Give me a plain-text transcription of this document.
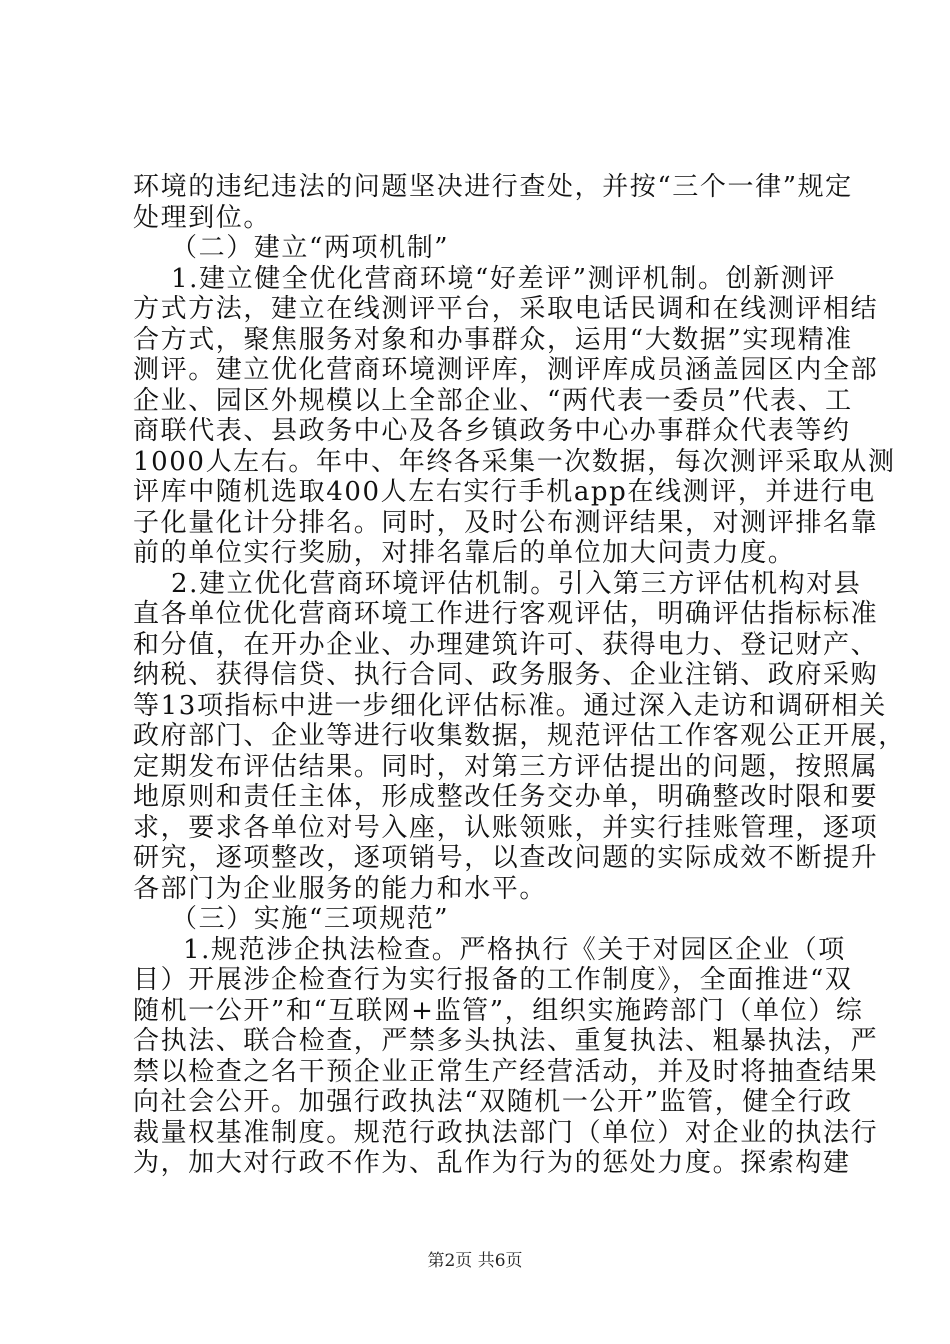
环境的违纪违法的问题坚决进行查处，并按“三个一律”规定
处理到位。
（二）建立“两项机制”
1.建立健全优化营商环境“好差评”测评机制。创新测评
方式方法，建立在线测评平台，采取电话民调和在线测评相结
合方式，聚焦服务对象和办事群众，运用“大数据”实现精准
测评。建立优化营商环境测评库，测评库成员涵盖园区内全部
企业、园区外规模以上全部企业、“两代表一委员”代表、工
商联代表、县政务中心及各乡镇政务中心办事群众代表等约
1000人左右。年中、年终各采集一次数据，每次测评采取从测
评库中随机选取400人左右实行手机app在线测评，并进行电
子化量化计分排名。同时，及时公布测评结果，对测评排名靠
前的单位实行奖励，对排名靠后的单位加大问责力度。
2.建立优化营商环境评估机制。引入第三方评估机构对县
直各单位优化营商环境工作进行客观评估，明确评估指标标准
和分值，在开办企业、办理建筑许可、获得电力、登记财产、
纳税、获得信贷、执行合同、政务服务、企业注销、政府采购
等13项指标中进一步细化评估标准。通过深入走访和调研相关
政府部门、企业等进行收集数据，规范评估工作客观公正开展，
定期发布评估结果。同时，对第三方评估提出的问题，按照属
地原则和责任主体，形成整改任务交办单，明确整改时限和要
求，要求各单位对号入座，认账领账，并实行挂账管理，逐项
研究，逐项整改，逐项销号，以查改问题的实际成效不断提升
各部门为企业服务的能力和水平。
（三）实施“三项规范”
1.规范涉企执法检查。严格执行《关于对园区企业（项
目）开展涉企检查行为实行报备的工作制度》，全面推进“双
随机一公开”和“互联网+监管”，组织实施跨部门（单位）综
合执法、联合检查，严禁多头执法、重复执法、粗暴执法，严
禁以检查之名干预企业正常生产经营活动，并及时将抽查结果
向社会公开。加强行政执法“双随机一公开”监管，健全行政
裁量权基准制度。规范行政执法部门（单位）对企业的执法行
为，加大对行政不作为、乱作为行为的惩处力度。探索构建
第2页 共6页
